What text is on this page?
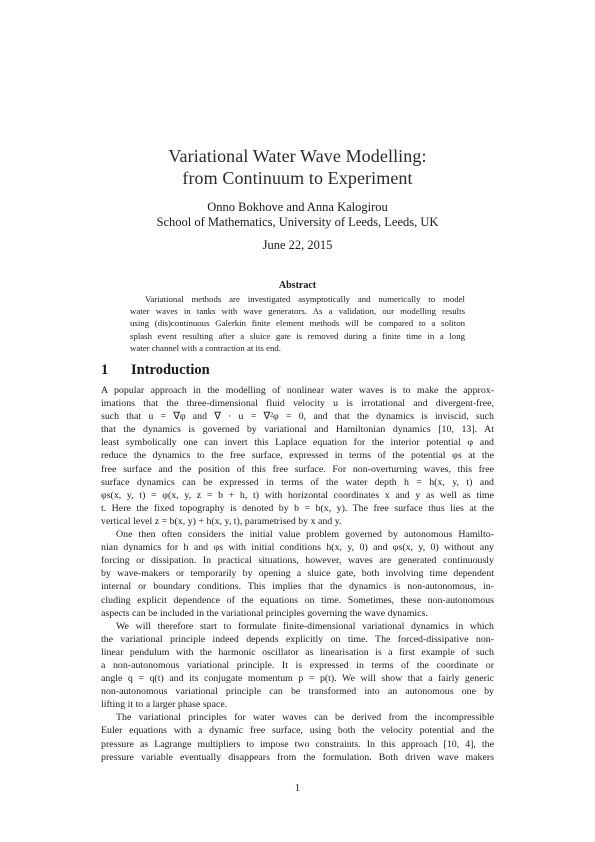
Variational Water Wave Modelling:
from Continuum to Experiment
Onno Bokhove and Anna Kalogirou
School of Mathematics, University of Leeds, Leeds, UK
June 22, 2015
Abstract
Variational methods are investigated asymptotically and numerically to model
water waves in tanks with wave generators. As a validation, our modelling results
using (dis)continuous Galerkin finite element methods will be compared to a soliton
splash event resulting after a sluice gate is removed during a finite time in a long
water channel with a contraction at its end.
1 Introduction
A popular approach in the modelling of nonlinear water waves is to make the approx-
imations that the three-dimensional fluid velocity u is irrotational and divergent-free,
such that u = ∇φ and ∇ · u = ∇²φ = 0, and that the dynamics is inviscid, such
that the dynamics is governed by variational and Hamiltonian dynamics [10, 13]. At
least symbolically one can invert this Laplace equation for the interior potential φ and
reduce the dynamics to the free surface, expressed in terms of the potential φs at the
free surface and the position of this free surface. For non-overturning waves, this free
surface dynamics can be expressed in terms of the water depth h = h(x, y, t) and
φs(x, y, t) = φ(x, y, z = b + h, t) with horizontal coordinates x and y as well as time
t. Here the fixed topography is denoted by b = b(x, y). The free surface thus lies at the
vertical level z = b(x, y) + h(x, y, t), parametrised by x and y.
One then often considers the initial value problem governed by autonomous Hamilto-
nian dynamics for h and φs with initial conditions h(x, y, 0) and φs(x, y, 0) without any
forcing or dissipation. In practical situations, however, waves are generated continuously
by wave-makers or temporarily by opening a sluice gate, both involving time dependent
internal or boundary conditions. This implies that the dynamics is non-autonomous, in-
cluding explicit dependence of the equations on time. Sometimes, these non-autonomous
aspects can be included in the variational principles governing the wave dynamics.
We will therefore start to formulate finite-dimensional variational dynamics in which
the variational principle indeed depends explicitly on time. The forced-dissipative non-
linear pendulum with the harmonic oscillator as linearisation is a first example of such
a non-autonomous variational principle. It is expressed in terms of the coordinate or
angle q = q(t) and its conjugate momentum p = p(t). We will show that a fairly generic
non-autonomous variational principle can be transformed into an autonomous one by
lifting it to a larger phase space.
The variational principles for water waves can be derived from the incompressible
Euler equations with a dynamic free surface, using both the velocity potential and the
pressure as Lagrange multipliers to impose two constraints. In this approach [10, 4], the
pressure variable eventually disappears from the formulation. Both driven wave makers
1
